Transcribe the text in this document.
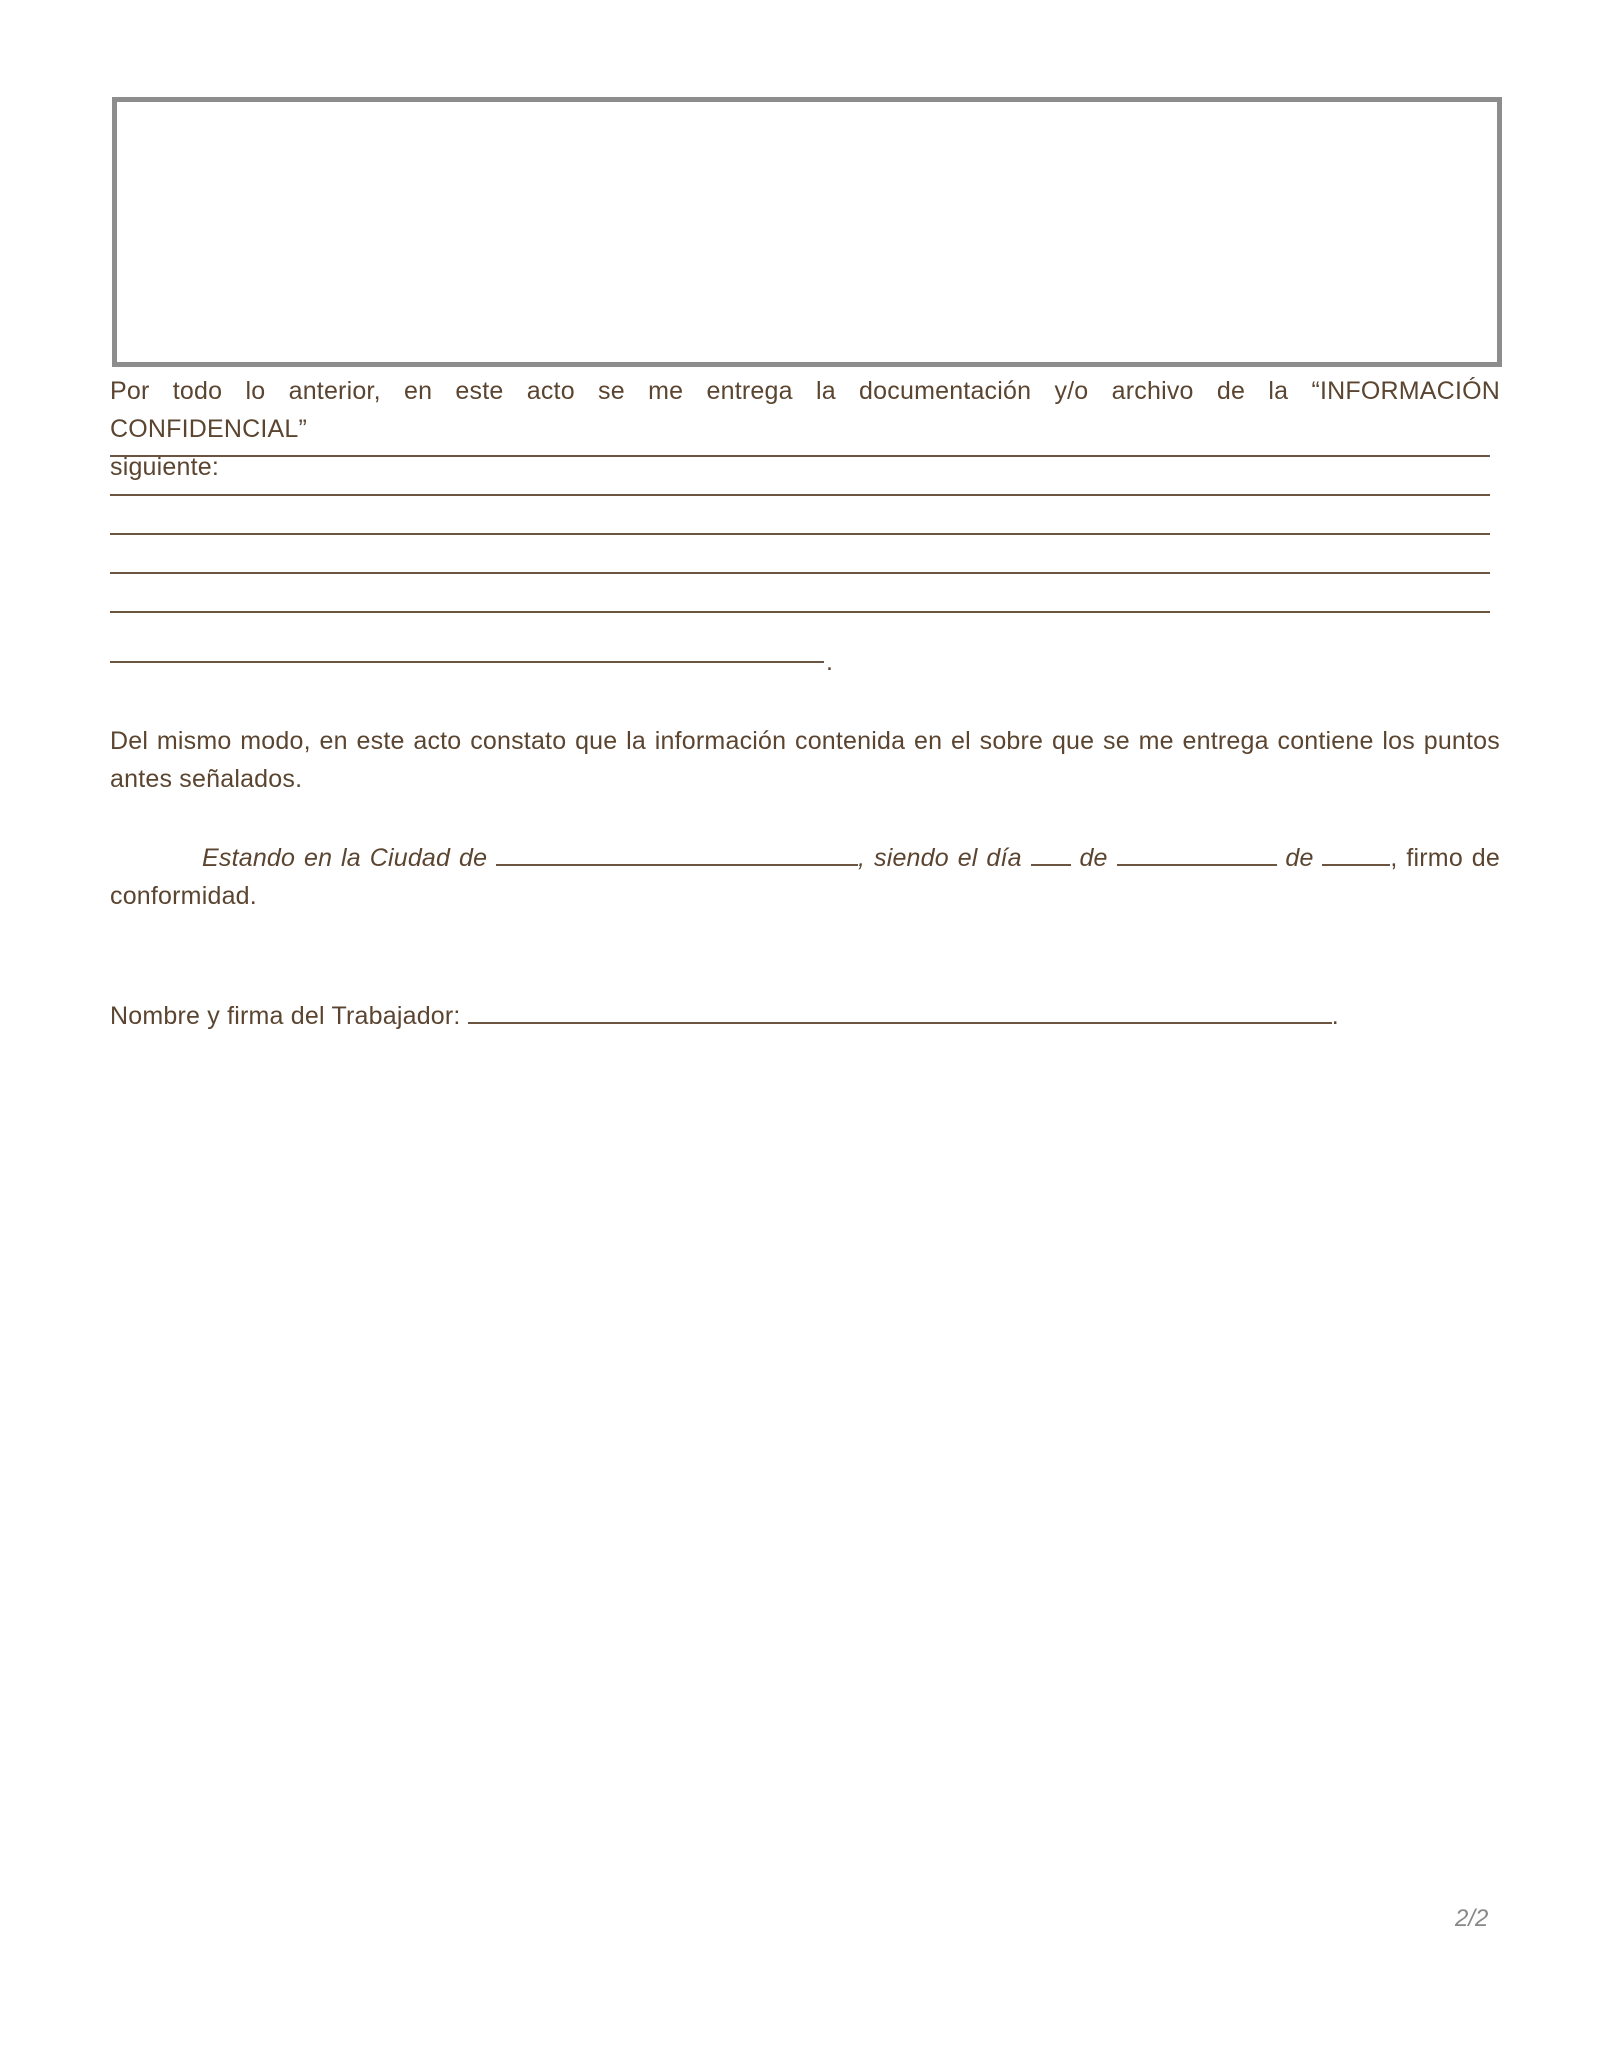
Por todo lo anterior, en este acto se me entrega la documentación y/o archivo de la “INFORMACIÓN CONFIDENCIAL”
siguiente:
.
Del mismo modo, en este acto constato que la información contenida en el sobre que se me entrega contiene los puntos antes señalados.
Estando en la Ciudad de	, siendo el día de	de	, firmo de
conformidad.
Nombre y firma del Trabajador:	.
2/2
